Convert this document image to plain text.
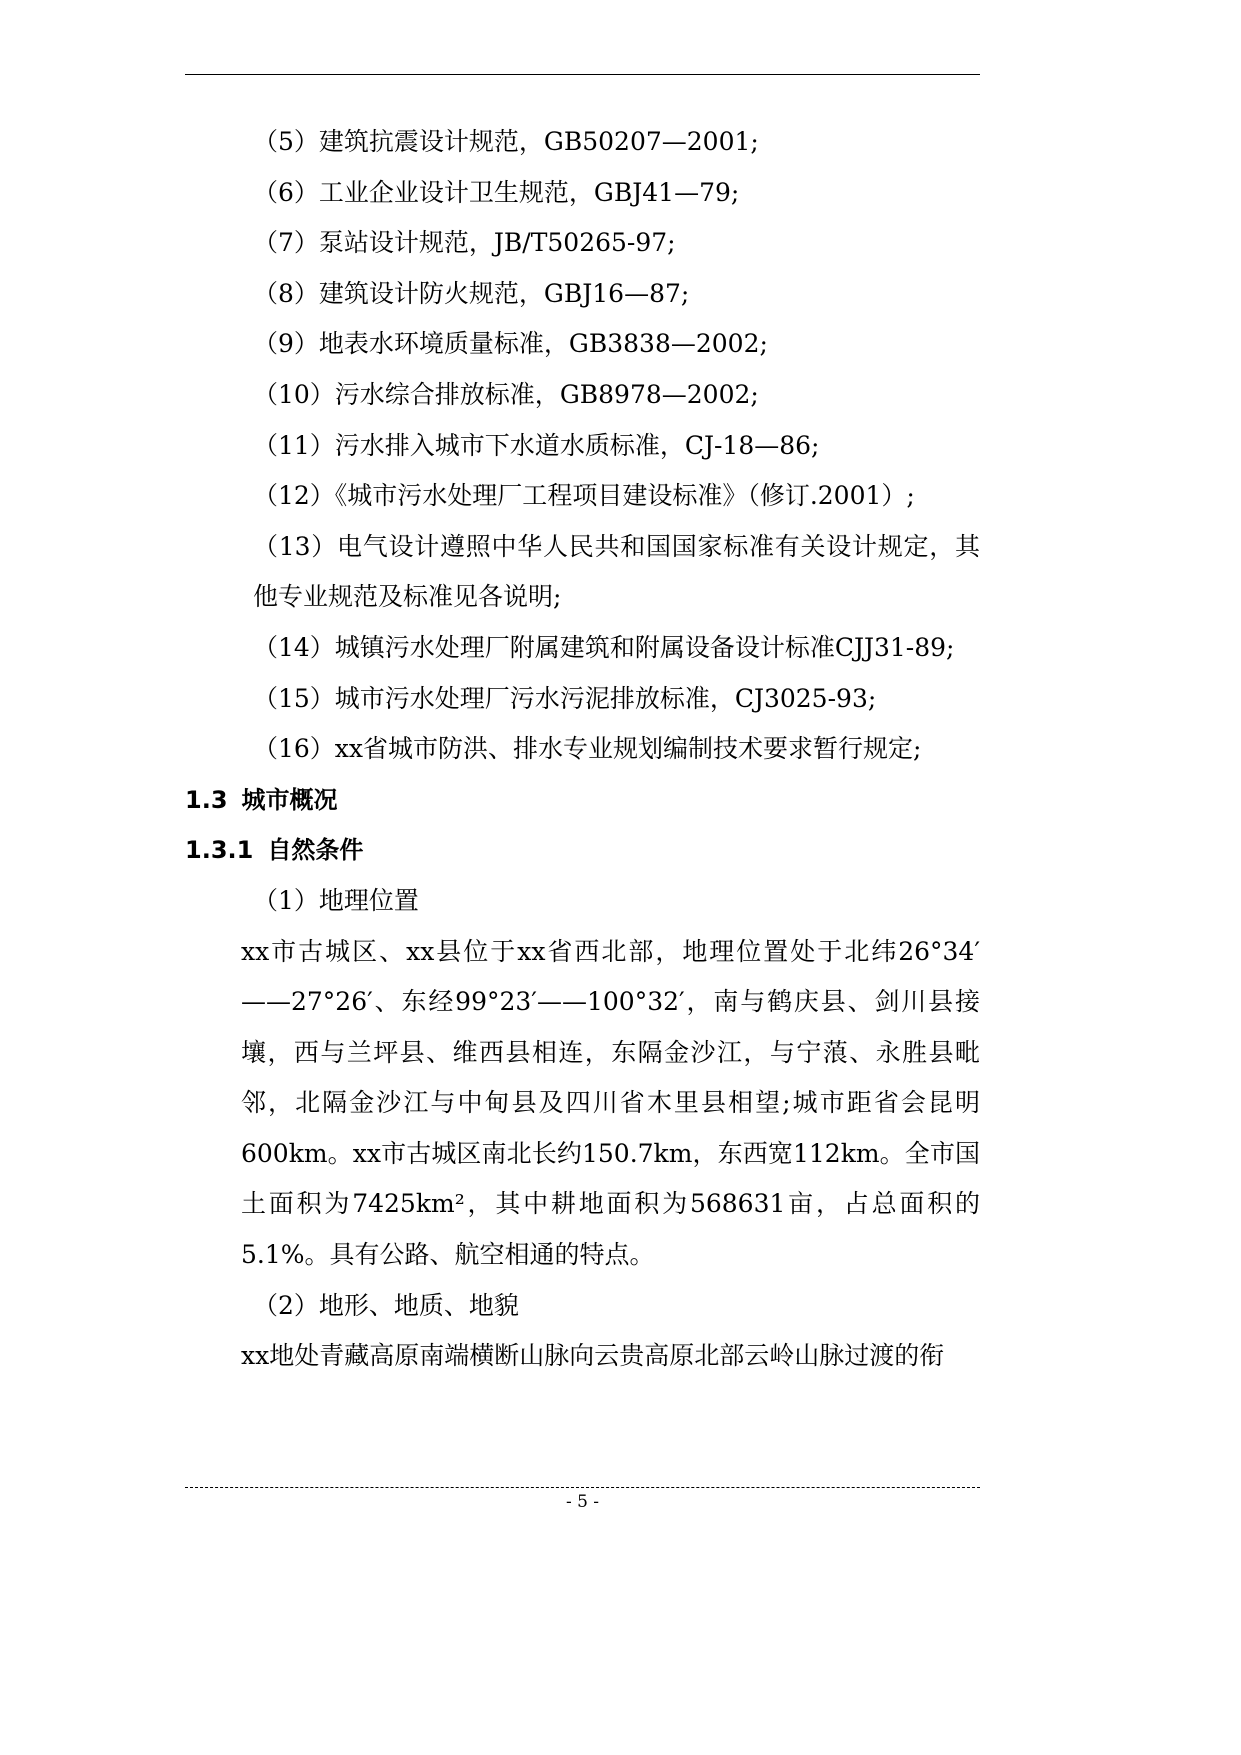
（5）建筑抗震设计规范，GB50207—2001;

（6）工业企业设计卫生规范，GBJ41—79;

（7）泵站设计规范，JB/T50265-97;

（8）建筑设计防火规范，GBJ16—87;

（9）地表水环境质量标准，GB3838—2002;

（10）污水综合排放标准，GB8978—2002;

（11）污水排入城市下水道水质标准，CJ-18—86;

（12）《城市污水处理厂工程项目建设标准》（修订.2001）;

（13）电气设计遵照中华人民共和国国家标准有关设计规定，其他专业规范及标准见各说明;

（14）城镇污水处理厂附属建筑和附属设备设计标准CJJ31-89;

（15）城市污水处理厂污水污泥排放标准，CJ3025-93;

（16）xx省城市防洪、排水专业规划编制技术要求暂行规定;

1.3 城市概况

1.3.1 自然条件

（1）地理位置

xx市古城区、xx县位于xx省西北部，地理位置处于北纬26°34′——27°26′、东经99°23′——100°32′，南与鹤庆县、剑川县接壤，西与兰坪县、维西县相连，东隔金沙江，与宁蒗、永胜县毗邻，北隔金沙江与中甸县及四川省木里县相望;城市距省会昆明600km。xx市古城区南北长约150.7km，东西宽112km。全市国土面积为7425km²，其中耕地面积为568631亩，占总面积的5.1%。具有公路、航空相通的特点。

（2）地形、地质、地貌

xx地处青藏高原南端横断山脉向云贵高原北部云岭山脉过渡的衔

- 5 -
